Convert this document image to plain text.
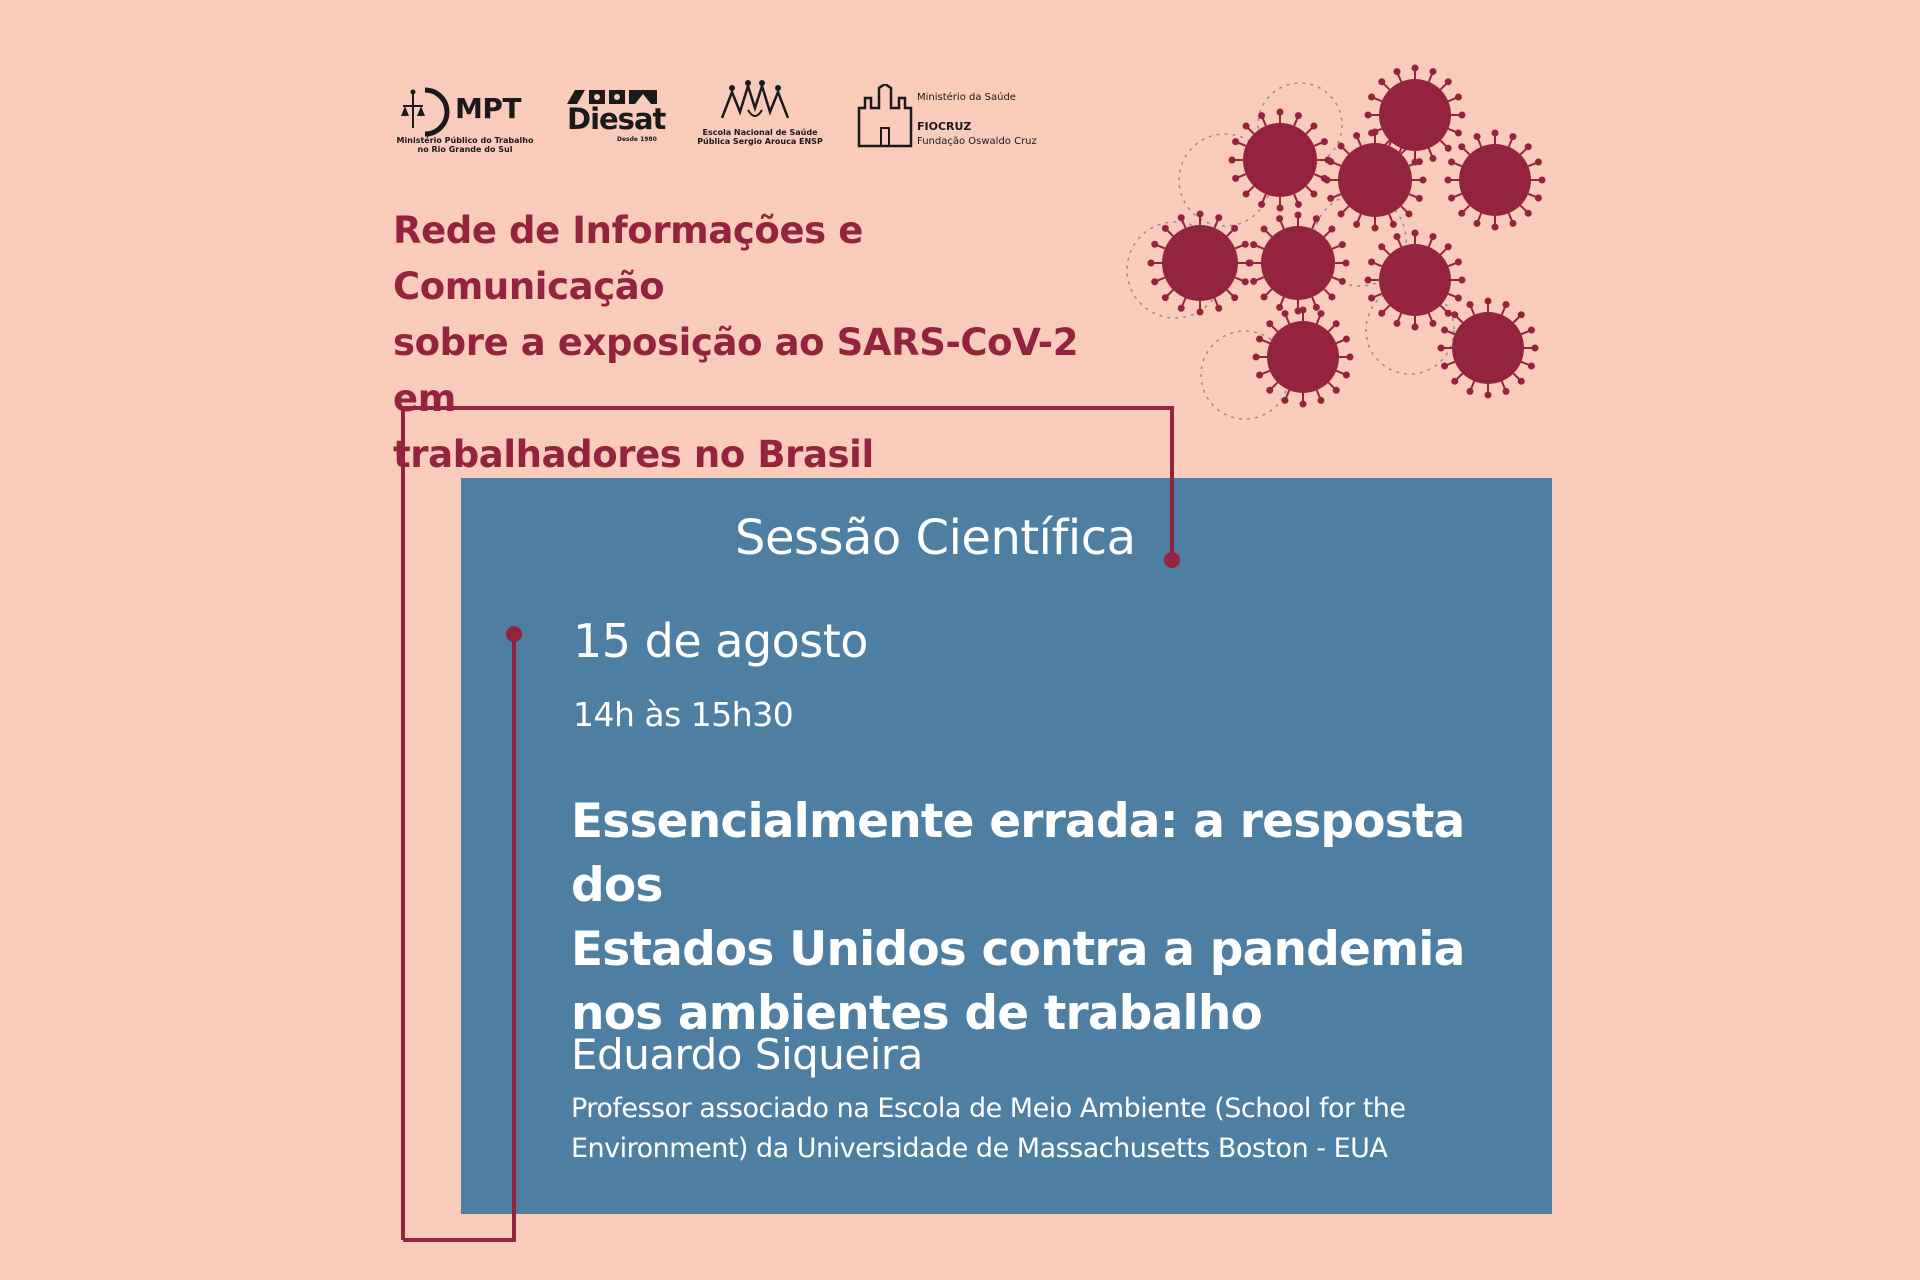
MPT
Ministério Público do Trabalho no Rio Grande do Sul
Diesat
Desde 1980
Escola Nacional de Saúde Pública Sergio Arouca ENSP
Ministério da Saúde
FIOCRUZ
Fundação Oswaldo Cruz
Rede de Informações e Comunicação
sobre a exposição ao SARS-CoV-2 em
trabalhadores no Brasil
Sessão Científica
15 de agosto
14h às 15h30
Essencialmente errada: a resposta dos
Estados Unidos contra a pandemia
nos ambientes de trabalho
Eduardo Siqueira

Professor associado na Escola de Meio Ambiente (School for the
Environment) da Universidade de Massachusetts Boston - EUA
